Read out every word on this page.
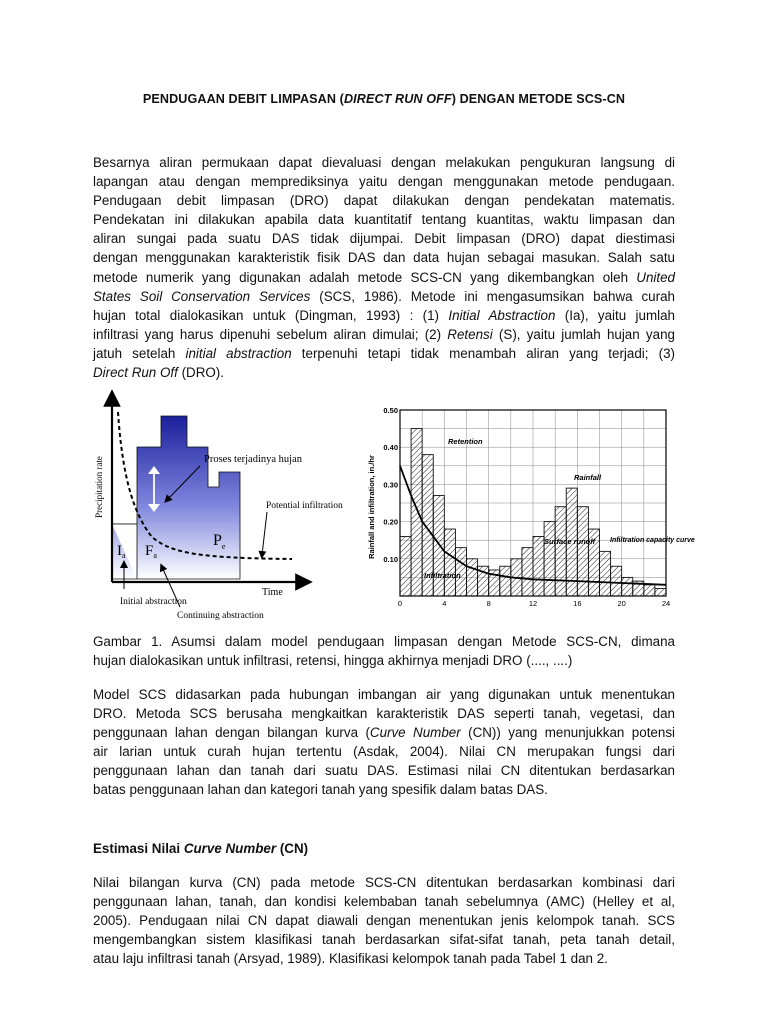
PENDUGAAN DEBIT LIMPASAN (DIRECT RUN OFF) DENGAN METODE SCS-CN
Besarnya aliran permukaan dapat dievaluasi dengan melakukan pengukuran langsung di
lapangan atau dengan memprediksinya yaitu dengan menggunakan metode pendugaan.
Pendugaan debit limpasan (DRO) dapat dilakukan dengan pendekatan matematis.
Pendekatan ini dilakukan apabila data kuantitatif tentang kuantitas, waktu limpasan dan
aliran sungai pada suatu DAS tidak dijumpai. Debit limpasan (DRO) dapat diestimasi
dengan menggunakan karakteristik fisik DAS dan data hujan sebagai masukan. Salah satu
metode numerik yang digunakan adalah metode SCS-CN yang dikembangkan oleh United
States Soil Conservation Services (SCS, 1986). Metode ini mengasumsikan bahwa curah
hujan total dialokasikan untuk (Dingman, 1993) : (1) Initial Abstraction (Ia), yaitu jumlah
infiltrasi yang harus dipenuhi sebelum aliran dimulai; (2) Retensi (S), yaitu jumlah hujan yang
jatuh setelah initial abstraction terpenuhi tetapi tidak menambah aliran yang terjadi; (3)
Direct Run Off (DRO).
Precipitation rate	Proses terjadinya hujan
Potential infiltration
$I_a$ $F_a$
$P_e$
Time
Initial abstraction
Continuing abstraction
0	4	8	12	16	20	24
0.10
0.20
0.30
0.40
0.50
Rainfall and infiltration, in./hr
Retention
Rainfall
Surface runoff Infiltration capacity curve
Infiltration
Gambar 1. Asumsi dalam model pendugaan limpasan dengan Metode SCS-CN, dimana
hujan dialokasikan untuk infiltrasi, retensi, hingga akhirnya menjadi DRO (...., ....)
Model SCS didasarkan pada hubungan imbangan air yang digunakan untuk menentukan
DRO. Metoda SCS berusaha mengkaitkan karakteristik DAS seperti tanah, vegetasi, dan
penggunaan lahan dengan bilangan kurva (Curve Number (CN)) yang menunjukkan potensi
air larian untuk curah hujan tertentu (Asdak, 2004). Nilai CN merupakan fungsi dari
penggunaan lahan dan tanah dari suatu DAS. Estimasi nilai CN ditentukan berdasarkan
batas penggunaan lahan dan kategori tanah yang spesifik dalam batas DAS.
Estimasi Nilai Curve Number (CN)
Nilai bilangan kurva (CN) pada metode SCS-CN ditentukan berdasarkan kombinasi dari
penggunaan lahan, tanah, dan kondisi kelembaban tanah sebelumnya (AMC) (Helley et al,
2005). Pendugaan nilai CN dapat diawali dengan menentukan jenis kelompok tanah. SCS
mengembangkan sistem klasifikasi tanah berdasarkan sifat-sifat tanah, peta tanah detail,
atau laju infiltrasi tanah (Arsyad, 1989). Klasifikasi kelompok tanah pada Tabel 1 dan 2.
